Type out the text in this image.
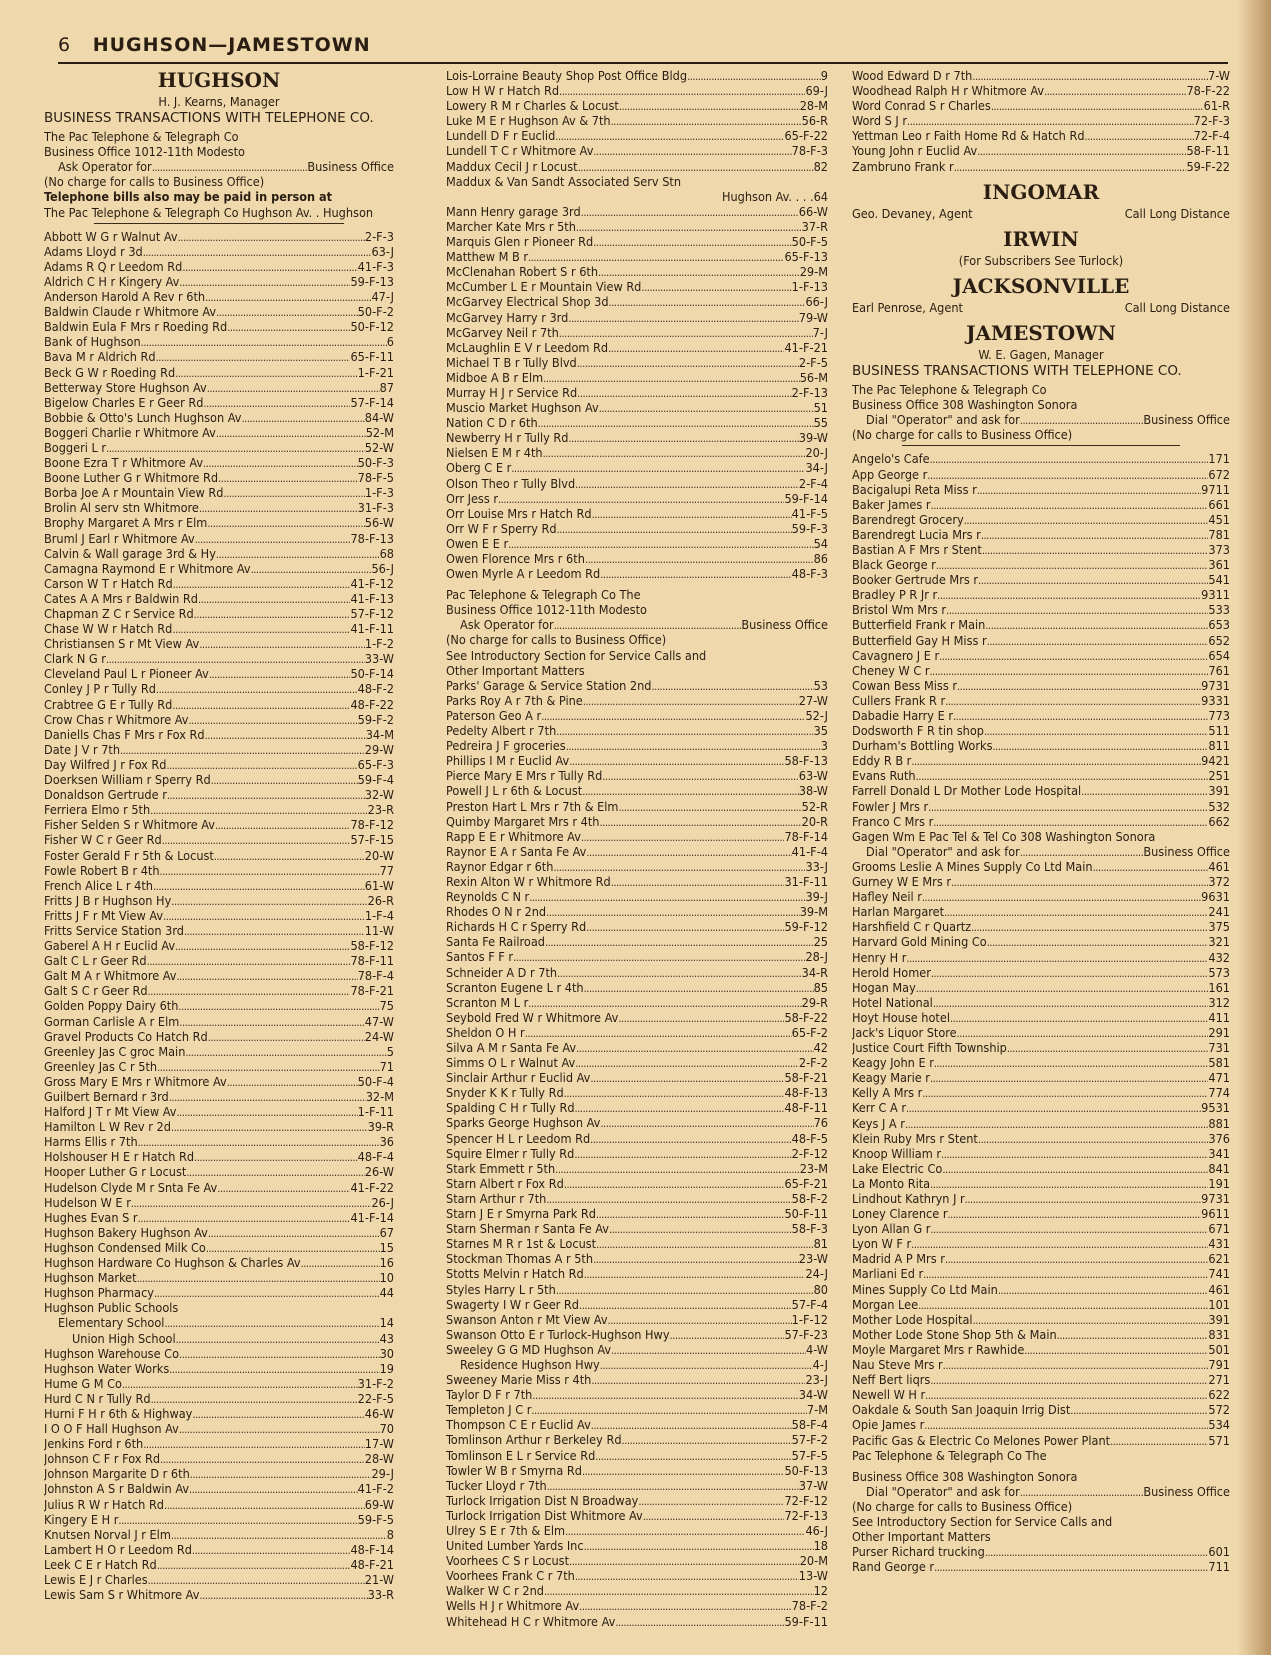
6 HUGHSON—JAMESTOWN
HUGHSON
H. J. Kearns, Manager
BUSINESS TRANSACTIONS WITH TELEPHONE CO.
The Pac Telephone & Telegraph Co
Business Office 1012-11th Modesto
Ask Operator for . . .	Business Office
(No charge for calls to Business Office)
Telephone bills also may be paid in person at
The Pac Telephone & Telegraph Co Hughson Av. . Hughson
Abbott W G r Walnut Av . . .	2-F-3
Adams Lloyd r 3d . . .	63-J
Adams R Q r Leedom Rd . . .	41-F-3
Aldrich C H r Kingery Av . . .	59-F-13
Anderson Harold A Rev r 6th . . .	47-J
Baldwin Claude r Whitmore Av . . .	50-F-2
Baldwin Eula F Mrs r Roeding Rd . . .	50-F-12
Bank of Hughson . . .	6
Bava M r Aldrich Rd . . .	65-F-11
Beck G W r Roeding Rd . . .	1-F-21
Betterway Store Hughson Av . . .	87
Bigelow Charles E r Geer Rd . . .	57-F-14
Bobbie & Otto's Lunch Hughson Av . . .	84-W
Boggeri Charlie r Whitmore Av . . .	52-M
Boggeri L r . . .	52-W
Boone Ezra T r Whitmore Av . . .	50-F-3
Boone Luther G r Whitmore Rd . . .	78-F-5
Borba Joe A r Mountain View Rd . . .	1-F-3
Brolin Al serv stn Whitmore . . .	31-F-3
Brophy Margaret A Mrs r Elm . . .	56-W
Bruml J Earl r Whitmore Av . . .	78-F-13
Calvin & Wall garage 3rd & Hy . . .	68
Camagna Raymond E r Whitmore Av . . .	56-J
Carson W T r Hatch Rd . . .	41-F-12
Cates A A Mrs r Baldwin Rd . . .	41-F-13
Chapman Z C r Service Rd . . .	57-F-12
Chase W W r Hatch Rd . . .	41-F-11
Christiansen S r Mt View Av . . .	1-F-2
Clark N G r . . .	33-W
Cleveland Paul L r Pioneer Av . . .	50-F-14
Conley J P r Tully Rd . . .	48-F-2
Crabtree G E r Tully Rd . . .	48-F-22
Crow Chas r Whitmore Av . . .	59-F-2
Daniells Chas F Mrs r Fox Rd . . .	34-M
Date J V r 7th . . .	29-W
Day Wilfred J r Fox Rd . . .	65-F-3
Doerksen William r Sperry Rd . . .	59-F-4
Donaldson Gertrude r . . .	32-W
Ferriera Elmo r 5th . . .	23-R
Fisher Selden S r Whitmore Av . . .	78-F-12
Fisher W C r Geer Rd . . .	57-F-15
Foster Gerald F r 5th & Locust . . .	20-W
Fowle Robert B r 4th . . .	77
French Alice L r 4th . . .	61-W
Fritts J B r Hughson Hy . . .	26-R
Fritts J F r Mt View Av . . .	1-F-4
Fritts Service Station 3rd . . .	11-W
Gaberel A H r Euclid Av . . .	58-F-12
Galt C L r Geer Rd . . .	78-F-11
Galt M A r Whitmore Av . . .	78-F-4
Galt S C r Geer Rd . . .	78-F-21
Golden Poppy Dairy 6th . . .	75
Gorman Carlisle A r Elm . . .	47-W
Gravel Products Co Hatch Rd . . .	24-W
Greenley Jas C groc Main . . .	5
Greenley Jas C r 5th . . .	71
Gross Mary E Mrs r Whitmore Av . . .	50-F-4
Guilbert Bernard r 3rd . . .	32-M
Halford J T r Mt View Av . . .	1-F-11
Hamilton L W Rev r 2d . . .	39-R
Harms Ellis r 7th . . .	36
Holshouser H E r Hatch Rd . . .	48-F-4
Hooper Luther G r Locust . . .	26-W
Hudelson Clyde M r Snta Fe Av . . .	41-F-22
Hudelson W E r . . .	26-J
Hughes Evan S r . . .	41-F-14
Hughson Bakery Hughson Av . . .	67
Hughson Condensed Milk Co . . .	15
Hughson Hardware Co Hughson & Charles Av . . .	16
Hughson Market . . .	10
Hughson Pharmacy . . .	44
Hughson Public Schools
Elementary School . . .	14
Union High School . . .	43
Hughson Warehouse Co . . .	30
Hughson Water Works . . .	19
Hume G M Co . . .	31-F-2
Hurd C N r Tully Rd . . .	22-F-5
Hurni F H r 6th & Highway . . .	46-W
I O O F Hall Hughson Av . . .	70
Jenkins Ford r 6th . . .	17-W
Johnson C F r Fox Rd . . .	28-W
Johnson Margarite D r 6th . . .	29-J
Johnston A S r Baldwin Av . . .	41-F-2
Julius R W r Hatch Rd . . .	69-W
Kingery E H r . . .	59-F-5
Knutsen Norval J r Elm . . .	8
Lambert H O r Leedom Rd . . .	48-F-14
Leek C E r Hatch Rd . . .	48-F-21
Lewis E J r Charles . . .	21-W
Lewis Sam S r Whitmore Av . . .	33-R
Lois-Lorraine Beauty Shop Post Office Bldg . . .	9
Low H W r Hatch Rd . . .	69-J
Lowery R M r Charles & Locust . . .	28-M
Luke M E r Hughson Av & 7th . . .	56-R
Lundell D F r Euclid . . .	65-F-22
Lundell T C r Whitmore Av . . .	78-F-3
Maddux Cecil J r Locust . . .	82
Maddux & Van Sandt Associated Serv Stn
Hughson Av. . . .64
Mann Henry garage 3rd . . .	66-W
Marcher Kate Mrs r 5th . . .	37-R
Marquis Glen r Pioneer Rd . . .	50-F-5
Matthew M B r . . .	65-F-13
McClenahan Robert S r 6th . . .	29-M
McCumber L E r Mountain View Rd . . .	1-F-13
McGarvey Electrical Shop 3d . . .	66-J
McGarvey Harry r 3rd . . .	79-W
McGarvey Neil r 7th . . .	7-J
McLaughlin E V r Leedom Rd . . .	41-F-21
Michael T B r Tully Blvd . . .	2-F-5
Midboe A B r Elm . . .	56-M
Murray H J r Service Rd . . .	2-F-13
Muscio Market Hughson Av . . .	51
Nation C D r 6th . . .	55
Newberry H r Tully Rd . . .	39-W
Nielsen E M r 4th . . .	20-J
Oberg C E r . . .	34-J
Olson Theo r Tully Blvd . . .	2-F-4
Orr Jess r . . .	59-F-14
Orr Louise Mrs r Hatch Rd . . .	41-F-5
Orr W F r Sperry Rd . . .	59-F-3
Owen E E r . . .	54
Owen Florence Mrs r 6th . . .	86
Owen Myrle A r Leedom Rd . . .	48-F-3
Pac Telephone & Telegraph Co The
Business Office 1012-11th Modesto
Ask Operator for . . .	Business Office
(No charge for calls to Business Office)
See Introductory Section for Service Calls and
Other Important Matters
Parks' Garage & Service Station 2nd . . .	53
Parks Roy A r 7th & Pine . . .	27-W
Paterson Geo A r . . .	52-J
Pedelty Albert r 7th . . .	35
Pedreira J F groceries . . .	3
Phillips I M r Euclid Av . . .	58-F-13
Pierce Mary E Mrs r Tully Rd . . .	63-W
Powell J L r 6th & Locust . . .	38-W
Preston Hart L Mrs r 7th & Elm . . .	52-R
Quimby Margaret Mrs r 4th . . .	20-R
Rapp E E r Whitmore Av . . .	78-F-14
Raynor E A r Santa Fe Av . . .	41-F-4
Raynor Edgar r 6th . . .	33-J
Rexin Alton W r Whitmore Rd . . .	31-F-11
Reynolds C N r . . .	39-J
Rhodes O N r 2nd . . .	39-M
Richards H C r Sperry Rd . . .	59-F-12
Santa Fe Railroad . . .	25
Santos F F r . . .	28-J
Schneider A D r 7th . . .	34-R
Scranton Eugene L r 4th . . .	85
Scranton M L r . . .	29-R
Seybold Fred W r Whitmore Av . . .	58-F-22
Sheldon O H r . . .	65-F-2
Silva A M r Santa Fe Av . . .	42
Simms O L r Walnut Av . . .	2-F-2
Sinclair Arthur r Euclid Av . . .	58-F-21
Snyder K K r Tully Rd . . .	48-F-13
Spalding C H r Tully Rd . . .	48-F-11
Sparks George Hughson Av . . .	76
Spencer H L r Leedom Rd . . .	48-F-5
Squire Elmer r Tully Rd . . .	2-F-12
Stark Emmett r 5th . . .	23-M
Starn Albert r Fox Rd . . .	65-F-21
Starn Arthur r 7th . . .	58-F-2
Starn J E r Smyrna Park Rd . . .	50-F-11
Starn Sherman r Santa Fe Av . . .	58-F-3
Starnes M R r 1st & Locust . . .	81
Stockman Thomas A r 5th . . .	23-W
Stotts Melvin r Hatch Rd . . .	24-J
Styles Harry L r 5th . . .	80
Swagerty I W r Geer Rd . . .	57-F-4
Swanson Anton r Mt View Av . . .	1-F-12
Swanson Otto E r Turlock-Hughson Hwy . . .	57-F-23
Sweeley G G MD Hughson Av . . .	4-W
Residence Hughson Hwy . . .	4-J
Sweeney Marie Miss r 4th . . .	23-J
Taylor D F r 7th . . .	34-W
Templeton J C r . . .	7-M
Thompson C E r Euclid Av . . .	58-F-4
Tomlinson Arthur r Berkeley Rd . . .	57-F-2
Tomlinson E L r Service Rd . . .	57-F-5
Towler W B r Smyrna Rd . . .	50-F-13
Tucker Lloyd r 7th . . .	37-W
Turlock Irrigation Dist N Broadway . . .	72-F-12
Turlock Irrigation Dist Whitmore Av . . .	72-F-13
Ulrey S E r 7th & Elm . . .	46-J
United Lumber Yards Inc . . .	18
Voorhees C S r Locust . . .	20-M
Voorhees Frank C r 7th . . .	13-W
Walker W C r 2nd . . .	12
Wells H J r Whitmore Av . . .	78-F-2
Whitehead H C r Whitmore Av . . .	59-F-11
Wood Edward D r 7th . . .	7-W
Woodhead Ralph H r Whitmore Av . . .	78-F-22
Word Conrad S r Charles . . .	61-R
Word S J r . . .	72-F-3
Yettman Leo r Faith Home Rd & Hatch Rd . . .	72-F-4
Young John r Euclid Av . . .	58-F-11
Zambruno Frank r . . .	59-F-22
INGOMAR
Geo. Devaney, Agent	Call Long Distance
IRWIN
(For Subscribers See Turlock)
JACKSONVILLE
Earl Penrose, Agent	Call Long Distance
JAMESTOWN
W. E. Gagen, Manager
BUSINESS TRANSACTIONS WITH TELEPHONE CO.
The Pac Telephone & Telegraph Co
Business Office 308 Washington Sonora
Dial "Operator" and ask for . . .	Business Office
(No charge for calls to Business Office)
Angelo's Cafe . . .	171
App George r . . .	672
Bacigalupi Reta Miss r . . .	9711
Baker James r . . .	661
Barendregt Grocery . . .	451
Barendregt Lucia Mrs r . . .	781
Bastian A F Mrs r Stent . . .	373
Black George r . . .	361
Booker Gertrude Mrs r . . .	541
Bradley P R Jr r . . .	9311
Bristol Wm Mrs r . . .	533
Butterfield Frank r Main . . .	653
Butterfield Gay H Miss r . . .	652
Cavagnero J E r . . .	654
Cheney W C r . . .	761
Cowan Bess Miss r . . .	9731
Cullers Frank R r . . .	9331
Dabadie Harry E r . . .	773
Dodsworth F R tin shop . . .	511
Durham's Bottling Works . . .	811
Eddy R B r . . .	9421
Evans Ruth . . .	251
Farrell Donald L Dr Mother Lode Hospital . . .	391
Fowler J Mrs r . . .	532
Franco C Mrs r . . .	662
Gagen Wm E Pac Tel & Tel Co 308 Washington Sonora
Dial "Operator" and ask for . . .	Business Office
Grooms Leslie A Mines Supply Co Ltd Main . . .	461
Gurney W E Mrs r . . .	372
Hafley Neil r . . .	9631
Harlan Margaret . . .	241
Harshfield C r Quartz . . .	375
Harvard Gold Mining Co . . .	321
Henry H r . . .	432
Herold Homer . . .	573
Hogan May . . .	161
Hotel National . . .	312
Hoyt House hotel . . .	411
Jack's Liquor Store . . .	291
Justice Court Fifth Township . . .	731
Keagy John E r . . .	581
Keagy Marie r . . .	471
Kelly A Mrs r . . .	774
Kerr C A r . . .	9531
Keys J A r . . .	881
Klein Ruby Mrs r Stent . . .	376
Knoop William r . . .	341
Lake Electric Co . . .	841
La Monto Rita . . .	191
Lindhout Kathryn J r . . .	9731
Loney Clarence r . . .	9611
Lyon Allan G r . . .	671
Lyon W F r . . .	431
Madrid A P Mrs r . . .	621
Marliani Ed r . . .	741
Mines Supply Co Ltd Main . . .	461
Morgan Lee . . .	101
Mother Lode Hospital . . .	391
Mother Lode Stone Shop 5th & Main . . .	831
Moyle Margaret Mrs r Rawhide . . .	501
Nau Steve Mrs r . . .	791
Neff Bert liqrs . . .	271
Newell W H r . . .	622
Oakdale & South San Joaquin Irrig Dist . . .	572
Opie James r . . .	534
Pacific Gas & Electric Co Melones Power Plant . . .	571
Pac Telephone & Telegraph Co The
Business Office 308 Washington Sonora
Dial "Operator" and ask for . . .	Business Office
(No charge for calls to Business Office)
See Introductory Section for Service Calls and
Other Important Matters
Purser Richard trucking . . .	601
Rand George r . . .	711
